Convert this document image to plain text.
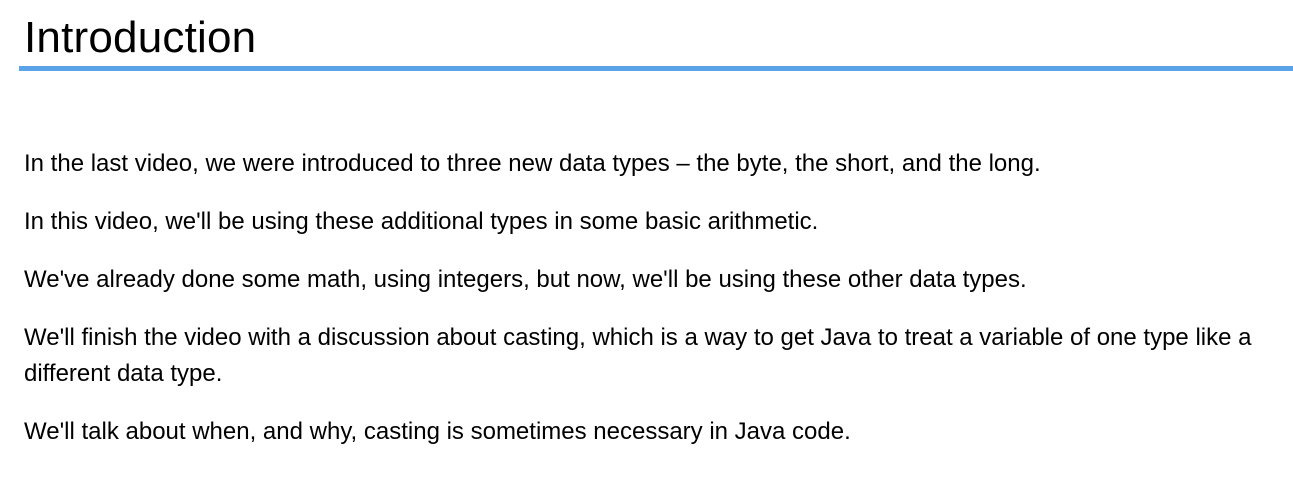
Introduction

In the last video, we were introduced to three new data types – the byte, the short, and the long.

In this video, we'll be using these additional types in some basic arithmetic.

We've already done some math, using integers, but now, we'll be using these other data types.

We'll finish the video with a discussion about casting, which is a way to get Java to treat a variable of one type like a different data type.

We'll talk about when, and why, casting is sometimes necessary in Java code.
